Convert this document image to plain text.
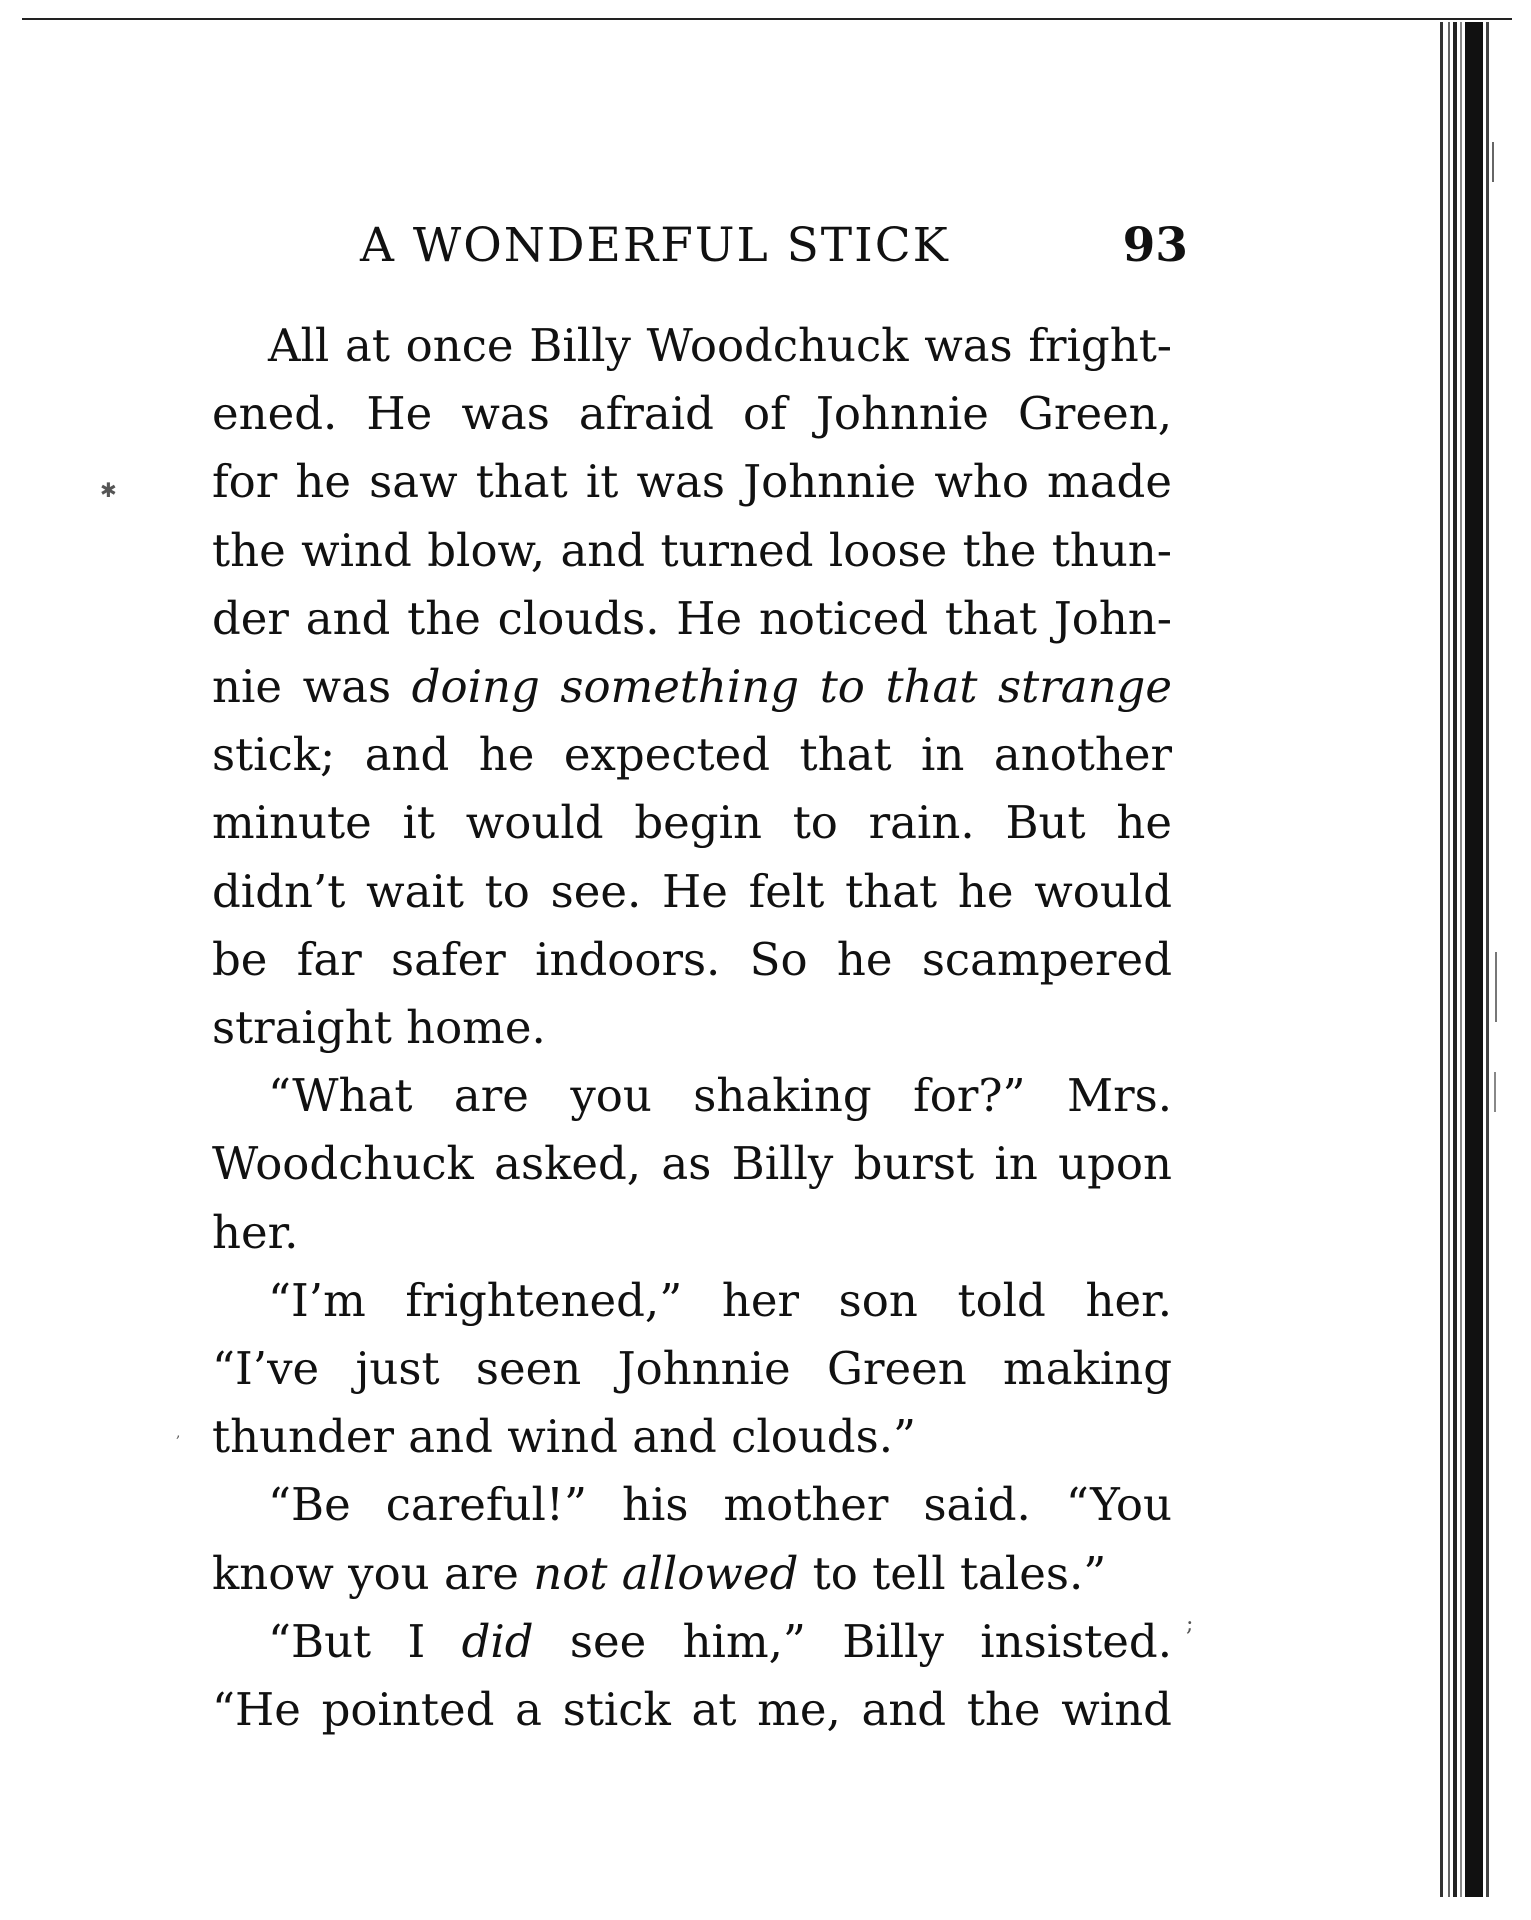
A WONDERFUL STICK	93
All at once Billy Woodchuck was fright-
ened. He was afraid of Johnnie Green,
for he saw that it was Johnnie who made
the wind blow, and turned loose the thun-
der and the clouds. He noticed that John-
nie was doing something to that strange
stick; and he expected that in another
minute it would begin to rain. But he
didn’t wait to see. He felt that he would
be far safer indoors. So he scampered
straight home.
“What are you shaking for?” Mrs.
Woodchuck asked, as Billy burst in upon
her.
“I’m frightened,” her son told her.
“I’ve just seen Johnnie Green making
thunder and wind and clouds.”
“Be careful!” his mother said. “You
know you are not allowed to tell tales.”
“But I did see him,” Billy insisted.
“He pointed a stick at me, and the wind
✱
,
;
